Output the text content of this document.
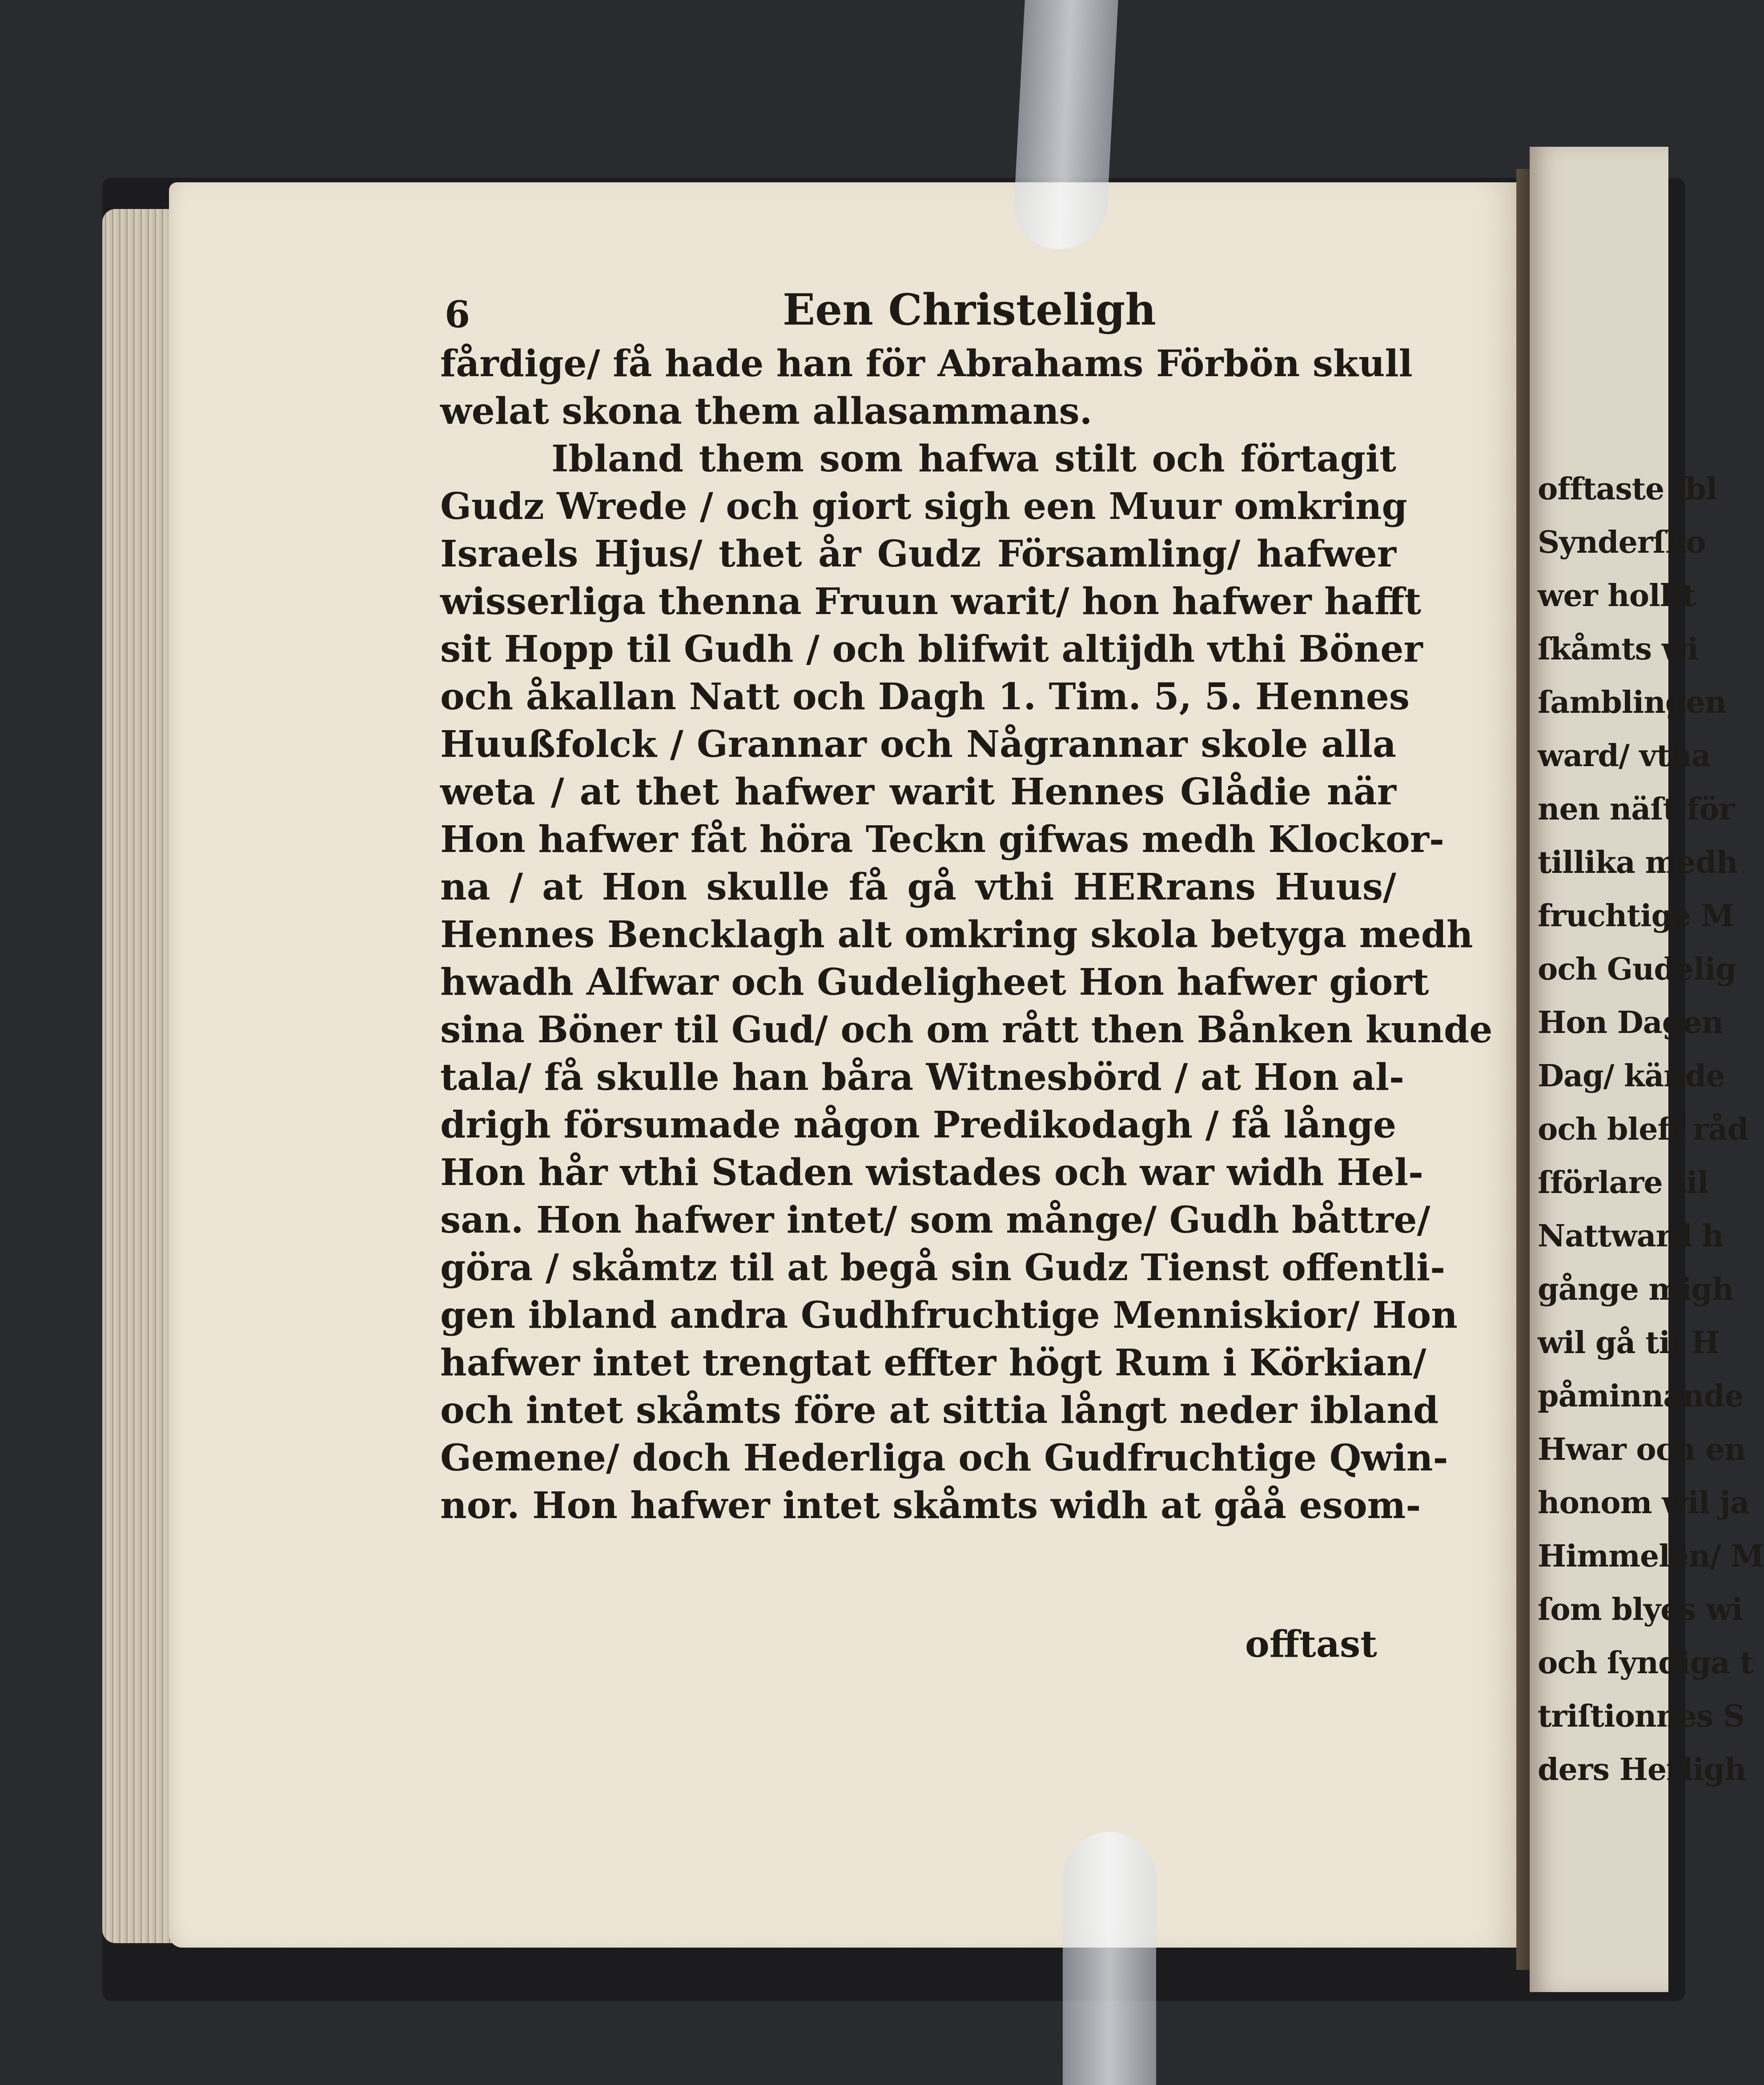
6	Een Christeligh
fårdige/ få hade han för Abrahams Förbön skull
welat skona them allasammans.
Ibland them som hafwa stilt och förtagit
Gudz Wrede / och giort sigh een Muur omkring
Israels Hjus/ thet år Gudz Församling/ hafwer
wisserliga thenna Fruun warit/ hon hafwer hafft
sit Hopp til Gudh / och blifwit altijdh vthi Böner
och åkallan Natt och Dagh 1. Tim. 5, 5. Hennes
Huußfolck / Grannar och Någrannar skole alla
weta / at thet hafwer warit Hennes Glådie när
Hon hafwer fåt höra Teckn gifwas medh Klockor-
na / at Hon skulle få gå vthi HERrans Huus/
Hennes Bencklagh alt omkring skola betyga medh
hwadh Alfwar och Gudeligheet Hon hafwer giort
sina Böner til Gud/ och om rått then Bånken kunde
tala/ få skulle han båra Witnesbörd / at Hon al-
drigh försumade någon Predikodagh / få långe
Hon hår vthi Staden wistades och war widh Hel-
san. Hon hafwer intet/ som månge/ Gudh båttre/
göra / skåmtz til at begå sin Gudz Tienst offentli-
gen ibland andra Gudhfruchtige Menniskior/ Hon
hafwer intet trengtat effter högt Rum i Körkian/
och intet skåmts före at sittia långt neder ibland
Gemene/ doch Hederliga och Gudfruchtige Qwin-
nor. Hon hafwer intet skåmts widh at gåå esom-
offtast
offtaste ibl
Synderſko
wer hollit
ſkåmts wi
ſamblingen
ward/ vtha
nen näſt för
tillika medh
fruchtige M
och Gudelig
Hon Dagen
Dag/ kände
och bleff råd
ſförlare til
Nattward h
gånge migh
wil gå til H
påminnande
Hwar och en
honom wil ja
Himmelen/ M
ſom blyes wi
och ſyndiga t
triſtionnes S
ders Herligh
